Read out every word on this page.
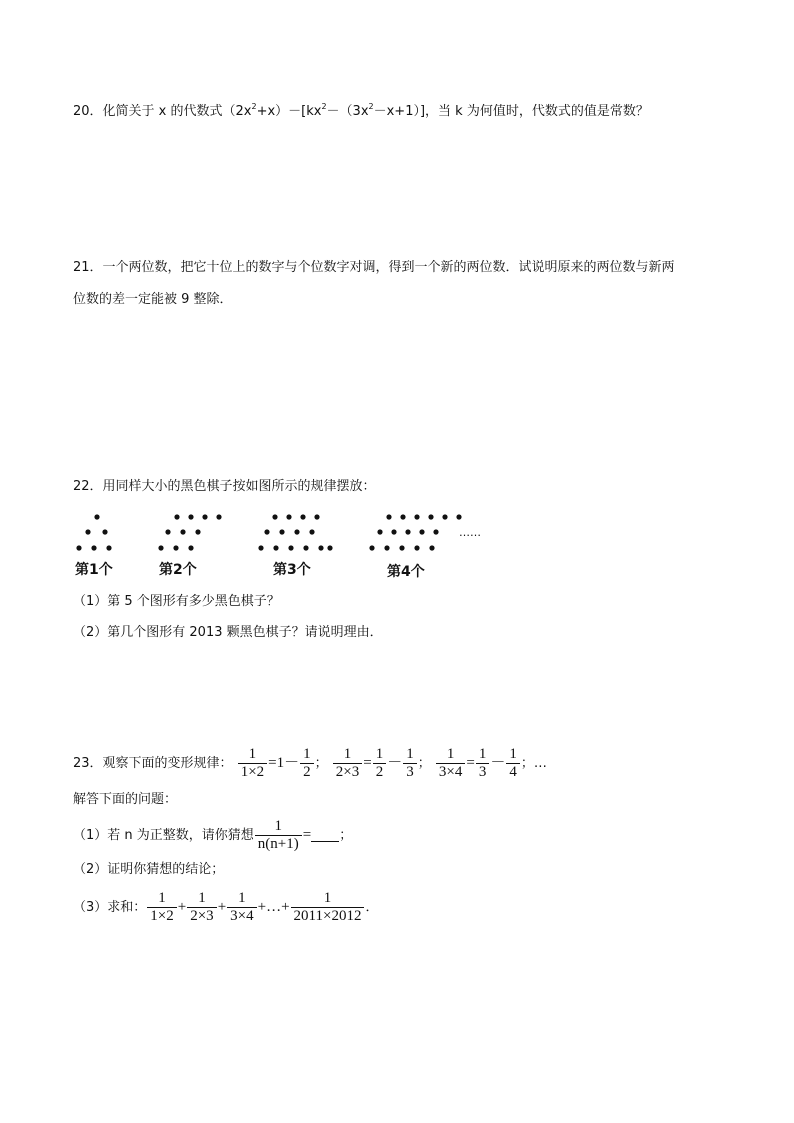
20．化简关于 x 的代数式$(2x^2+x)-[kx^2-(3x^2-x+1)]$，当 k 为何值时，代数式的值是常数？
21．一个两位数，把它十位上的数字与个位数字对调，得到一个新的两位数．试说明原来的两位数与新两
位数的差一定能被 9 整除．
22．用同样大小的黑色棋子按如图所示的规律摆放：
第1个	第2个	第3个
……
第4个
（1）第 5 个图形有多少黑色棋子？
（2）第几个图形有 2013 颗黑色棋子？请说明理由．
23．观察下面的变形规律： $\frac{1}{1\times 2} =1- \frac{1}{2}$ ； $\frac{1}{2\times 3} = \frac{1}{2} - \frac{1}{3}$ ； $\frac{1}{3\times 4} = \frac{1}{3} - \frac{1}{4}$ ；…
解答下面的问题：
（1）若 n 为正整数，请你猜想 $\frac{1}{n(n+1)}$ = ；
（2）证明你猜想的结论；
（3）求和： $\frac{1}{1\times 2} + \frac{1}{2\times 3} + \frac{1}{3\times 4}$ +…+ $\frac{1}{2011\times 2012}$ ．
